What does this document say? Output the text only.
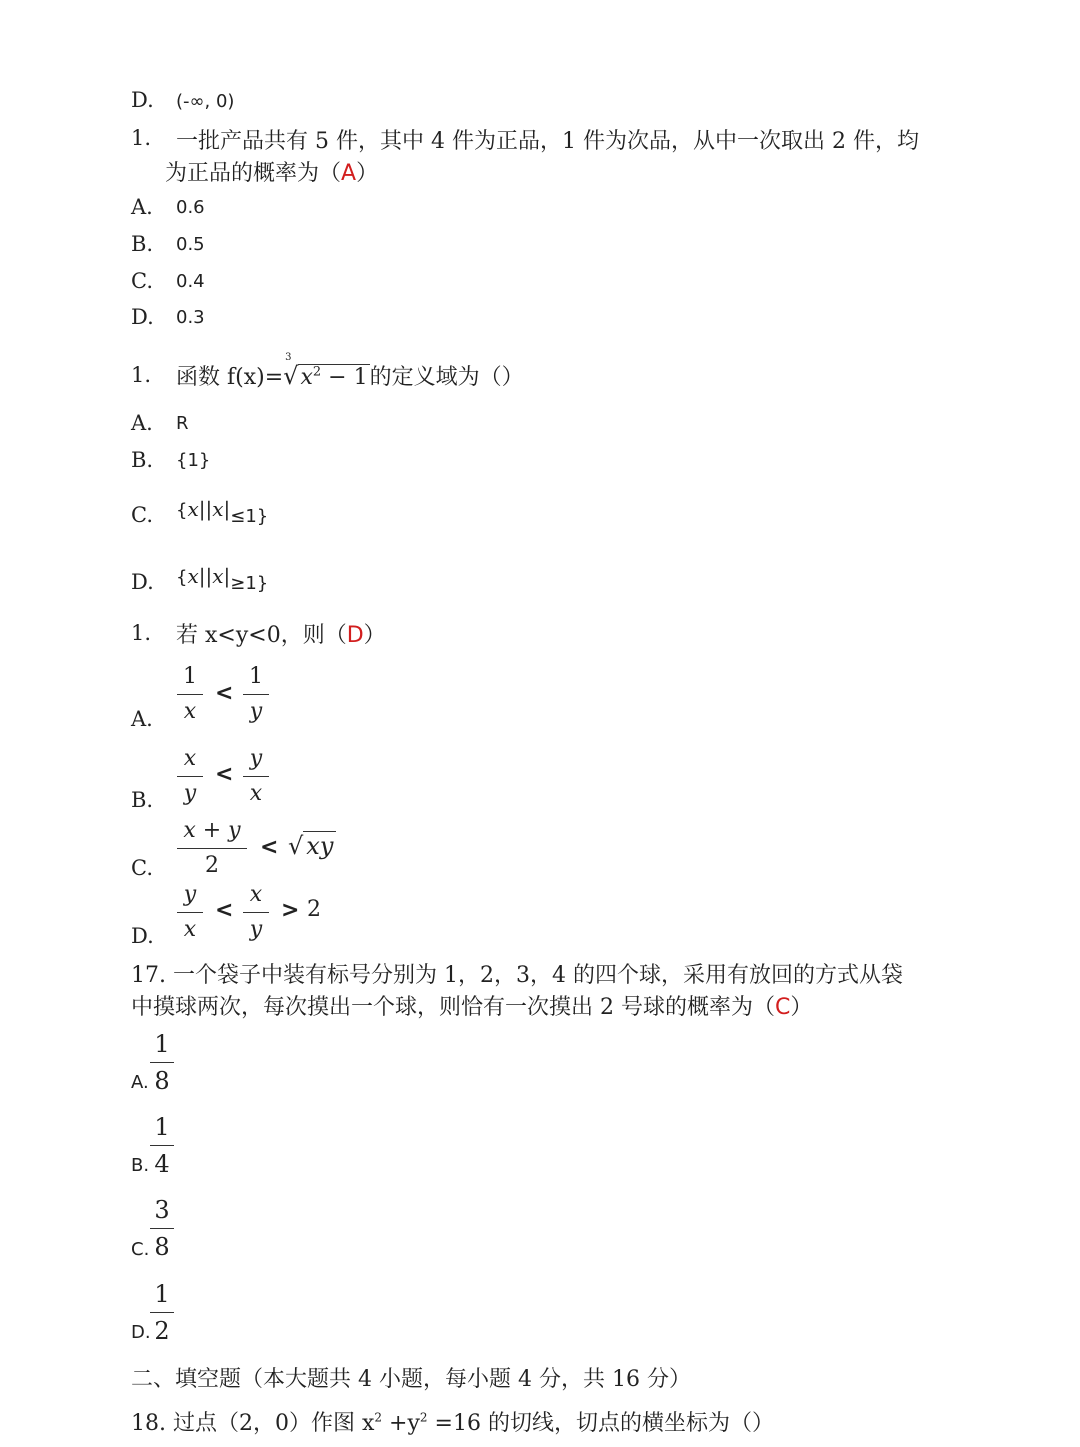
D. (-∞, 0)
1. 一批产品共有 5 件，其中 4 件为正品，1 件为次品，从中一次取出 2 件，均
为正品的概率为（A）
A. 0.6
B. 0.5
C. 0.4
D. 0.3
1. 函数 f(x)=
3
$√x^2 - 1$的定义域为（）
A. R
B. {1}
C. {x||x|≤1}
D. {x||x|≥1}
1. 若 x<y<0，则（D）
A.
1
x
<
1
y
B.
x
y
<
y
x
C.
x + y
2
< √ xy
D.
y
x
<
x
y
> 2
17. 一个袋子中装有标号分别为 1，2，3，4 的四个球，采用有放回的方式从袋
中摸球两次，每次摸出一个球，则恰有一次摸出 2 号球的概率为（C）
A.
1
8
B.
1
4
C.
3
8
D.
1
2
二、填空题（本大题共 4 小题，每小题 4 分，共 16 分）
18. 过点（2，0）作图 $x^2 +y^2 =16$ 的切线，切点的横坐标为（）
